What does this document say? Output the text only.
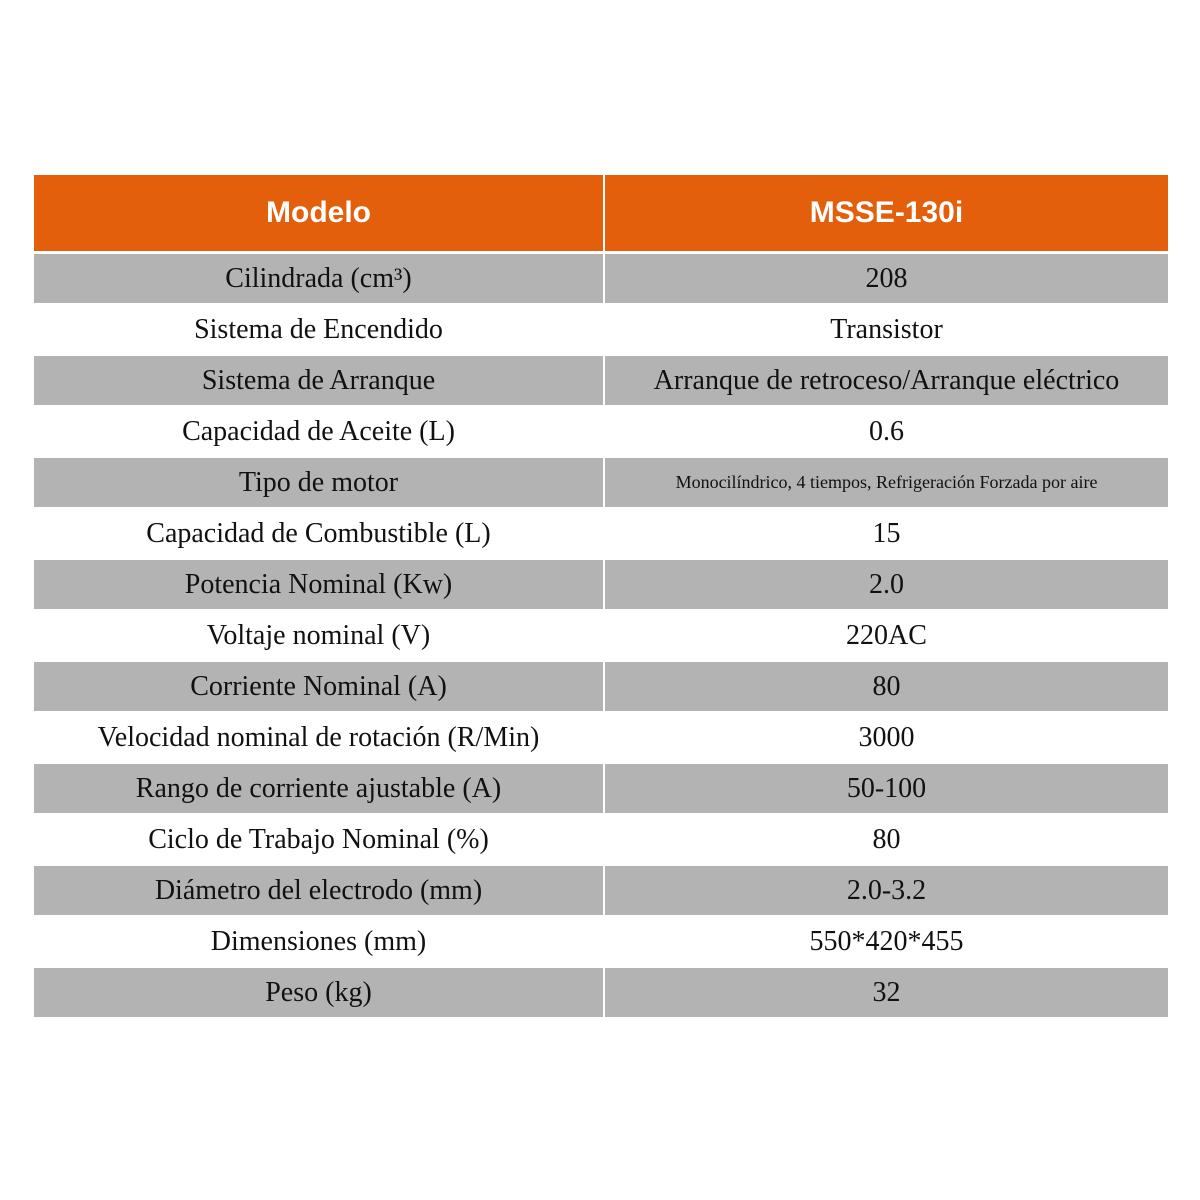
Modelo	MSSE-130i
Cilindrada (cm³)	208
Sistema de Encendido	Transistor
Sistema de Arranque	Arranque de retroceso/Arranque eléctrico
Capacidad de Aceite (L)	0.6
Tipo de motor	Monocilíndrico, 4 tiempos, Refrigeración Forzada por aire
Capacidad de Combustible (L)	15
Potencia Nominal (Kw)	2.0
Voltaje nominal (V)	220AC
Corriente Nominal (A)	80
Velocidad nominal de rotación (R/Min)	3000
Rango de corriente ajustable (A)	50-100
Ciclo de Trabajo Nominal (%)	80
Diámetro del electrodo (mm)	2.0-3.2
Dimensiones (mm)	550*420*455
Peso (kg)	32
